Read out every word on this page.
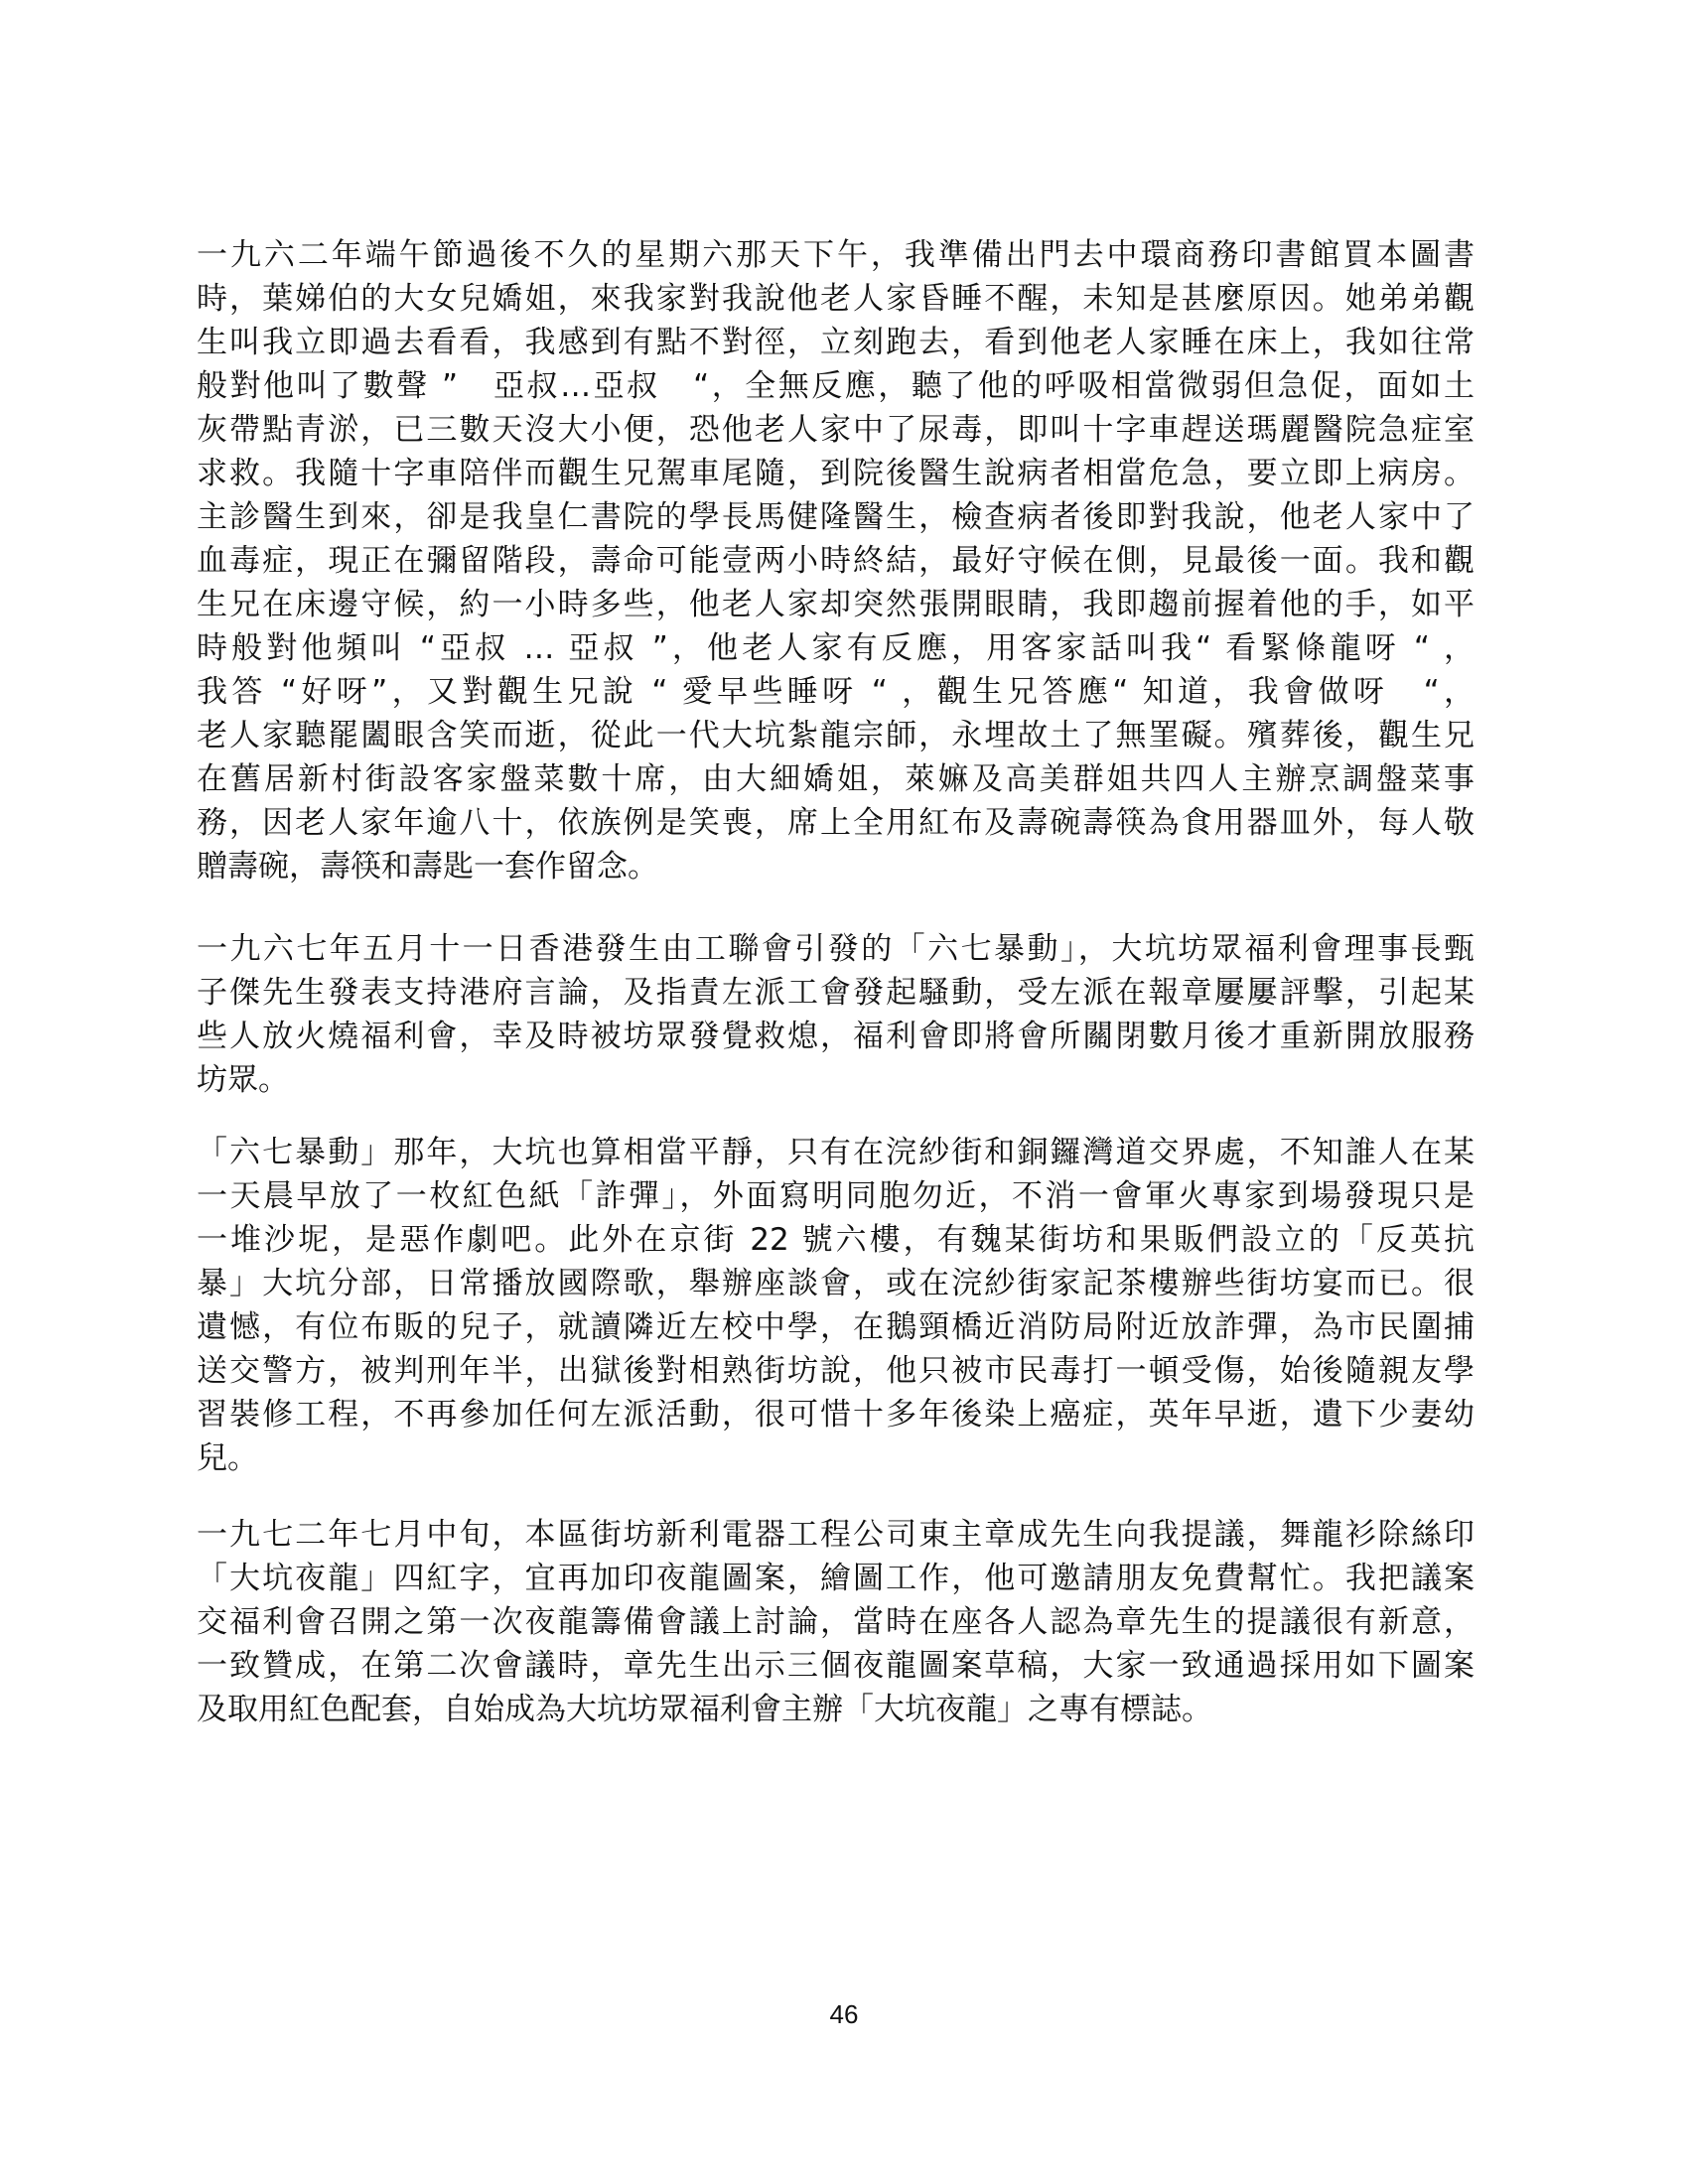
一九六二年端午節過後不久的星期六那天下午，我準備出門去中環商務印書館買本圖書
時，葉娣伯的大女兒嬌姐，來我家對我說他老人家昏睡不醒，未知是甚麼原因。她弟弟觀
生叫我立即過去看看，我感到有點不對徑，立刻跑去，看到他老人家睡在床上，我如往常
般對他叫了數聲 ”　亞叔…亞叔　“，全無反應，聽了他的呼吸相當微弱但急促，面如土
灰帶點青淤，已三數天沒大小便，恐他老人家中了尿毒，即叫十字車趕送瑪麗醫院急症室
求救。我隨十字車陪伴而觀生兄駕車尾隨，到院後醫生說病者相當危急，要立即上病房。
主診醫生到來，卻是我皇仁書院的學長馬健隆醫生，檢查病者後即對我說，他老人家中了
血毒症，現正在彌留階段，壽命可能壹两小時終結，最好守候在側，見最後一面。我和觀
生兄在床邊守候，約一小時多些，他老人家却突然張開眼睛，我即趨前握着他的手，如平
時般對他頻叫 “亞叔 … 亞叔 ”，他老人家有反應，用客家話叫我“ 看緊條龍呀 “ ，
我答 “好呀”，又對觀生兄說 “ 愛早些睡呀 “ ，觀生兄答應“ 知道，我會做呀　“，
老人家聽罷闔眼含笑而逝，從此一代大坑紮龍宗師，永埋故土了無罣礙。殯葬後，觀生兄
在舊居新村街設客家盤菜數十席，由大細嬌姐，萊嫲及高美群姐共四人主辦烹調盤菜事
務，因老人家年逾八十，依族例是笑喪，席上全用紅布及壽碗壽筷為食用器皿外，每人敬
贈壽碗，壽筷和壽匙一套作留念。
一九六七年五月十一日香港發生由工聯會引發的「六七暴動」，大坑坊眾福利會理事長甄
子傑先生發表支持港府言論，及指責左派工會發起騷動，受左派在報章屢屢評擊，引起某
些人放火燒福利會，幸及時被坊眾發覺救熄，福利會即將會所關閉數月後才重新開放服務
坊眾。
「六七暴動」那年，大坑也算相當平靜，只有在浣紗街和銅鑼灣道交界處，不知誰人在某
一天晨早放了一枚紅色紙「詐彈」，外面寫明同胞勿近，不消一會軍火專家到場發現只是
一堆沙坭，是惡作劇吧。此外在京街 22 號六樓，有魏某街坊和果販們設立的「反英抗
暴」大坑分部，日常播放國際歌，舉辦座談會，或在浣紗街家記茶樓辦些街坊宴而已。很
遺憾，有位布販的兒子，就讀隣近左校中學，在鵝頸橋近消防局附近放詐彈，為市民圍捕
送交警方，被判刑年半，出獄後對相熟街坊說，他只被市民毒打一頓受傷，始後隨親友學
習裝修工程，不再參加任何左派活動，很可惜十多年後染上癌症，英年早逝，遺下少妻幼
兒。
一九七二年七月中旬，本區街坊新利電器工程公司東主章成先生向我提議，舞龍衫除絲印
「大坑夜龍」四紅字，宜再加印夜龍圖案，繪圖工作，他可邀請朋友免費幫忙。我把議案
交福利會召開之第一次夜龍籌備會議上討論，當時在座各人認為章先生的提議很有新意，
一致贊成，在第二次會議時，章先生出示三個夜龍圖案草稿，大家一致通過採用如下圖案
及取用紅色配套，自始成為大坑坊眾福利會主辦「大坑夜龍」之專有標誌。
46
